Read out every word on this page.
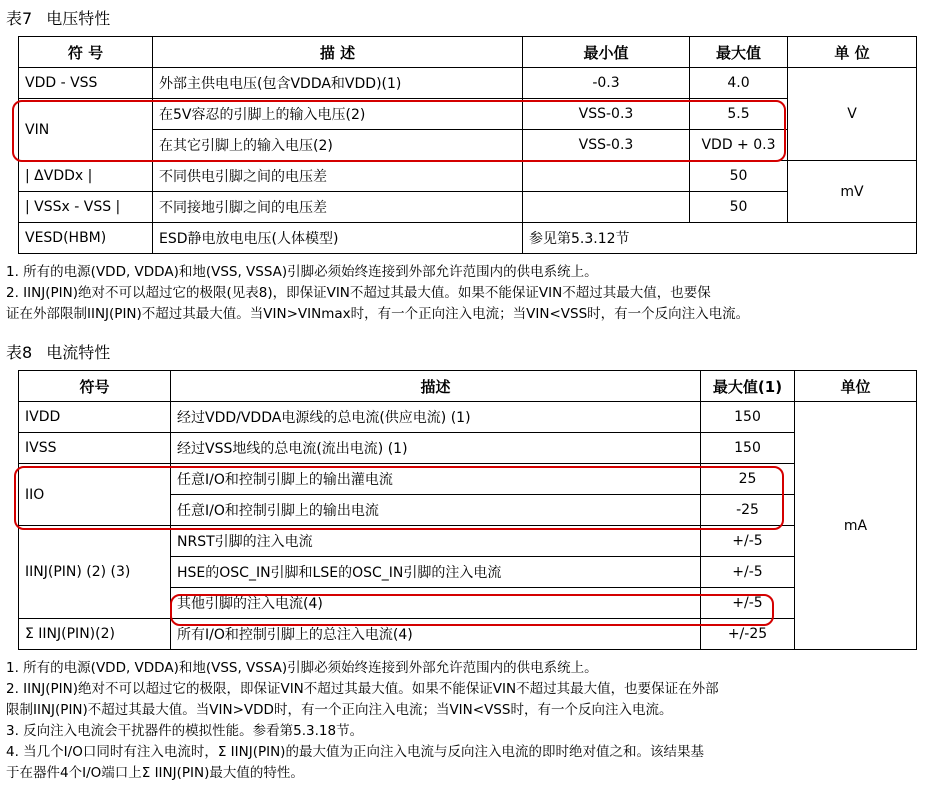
表7 电压特性
符 号	描 述	最小值	最大值	单 位
VDD - VSS	外部主供电电压(包含VDDA和VDD)(1)	-0.3	4.0	V
VIN	在5V容忍的引脚上的输入电压(2)	VSS-0.3	5.5	
	在其它引脚上的输入电压(2)	VSS-0.3	VDD + 0.3	
| ΔVDDx |	不同供电引脚之间的电压差		50	mV
| VSSx - VSS |	不同接地引脚之间的电压差		50	
VESD(HBM)	ESD静电放电电压(人体模型)	参见第5.3.12节		
1. 所有的电源(VDD, VDDA)和地(VSS, VSSA)引脚必须始终连接到外部允许范围内的供电系统上。
2. IINJ(PIN)绝对不可以超过它的极限(见表8)，即保证VIN不超过其最大值。如果不能保证VIN不超过其最大值，也要保
证在外部限制IINJ(PIN)不超过其最大值。当VIN>VINmax时，有一个正向注入电流；当VIN<VSS时，有一个反向注入电流。
表8 电流特性
符号	描述	最大值(1)	单位
IVDD	经过VDD/VDDA电源线的总电流(供应电流) (1)	150	mA
IVSS	经过VSS地线的总电流(流出电流) (1)	150	
IIO	任意I/O和控制引脚上的输出灌电流	25	
	任意I/O和控制引脚上的输出电流	-25	
IINJ(PIN) (2) (3)	NRST引脚的注入电流	+/-5	
	HSE的OSC_IN引脚和LSE的OSC_IN引脚的注入电流	+/-5	
	其他引脚的注入电流(4)	+/-5	
Σ IINJ(PIN)(2)	所有I/O和控制引脚上的总注入电流(4)	+/-25	
1. 所有的电源(VDD, VDDA)和地(VSS, VSSA)引脚必须始终连接到外部允许范围内的供电系统上。
2. IINJ(PIN)绝对不可以超过它的极限，即保证VIN不超过其最大值。如果不能保证VIN不超过其最大值，也要保证在外部
限制IINJ(PIN)不超过其最大值。当VIN>VDD时，有一个正向注入电流；当VIN<VSS时，有一个反向注入电流。
3. 反向注入电流会干扰器件的模拟性能。参看第5.3.18节。
4. 当几个I/O口同时有注入电流时，Σ IINJ(PIN)的最大值为正向注入电流与反向注入电流的即时绝对值之和。该结果基
于在器件4个I/O端口上Σ IINJ(PIN)最大值的特性。
